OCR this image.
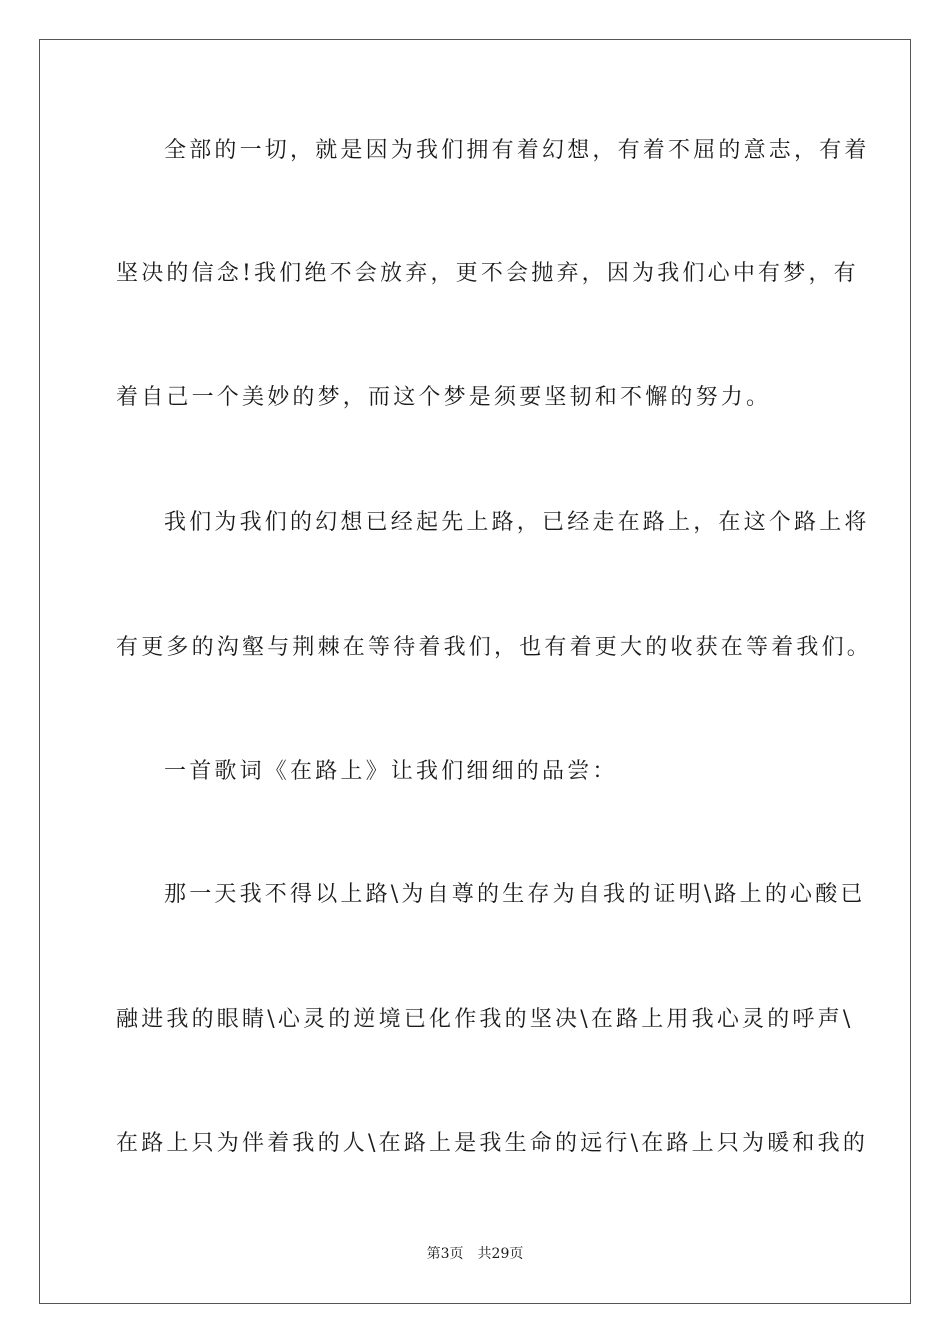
全部的一切，就是因为我们拥有着幻想，有着不屈的意志，有着
坚决的信念!我们绝不会放弃，更不会抛弃，因为我们心中有梦，有
着自己一个美妙的梦，而这个梦是须要坚韧和不懈的努力。
我们为我们的幻想已经起先上路，已经走在路上，在这个路上将
有更多的沟壑与荆棘在等待着我们，也有着更大的收获在等着我们。
一首歌词《在路上》让我们细细的品尝：
那一天我不得以上路\为自尊的生存为自我的证明\路上的心酸已
融进我的眼睛\心灵的逆境已化作我的坚决\在路上用我心灵的呼声\
在路上只为伴着我的人\在路上是我生命的远行\在路上只为暖和我的
第3页 共29页
